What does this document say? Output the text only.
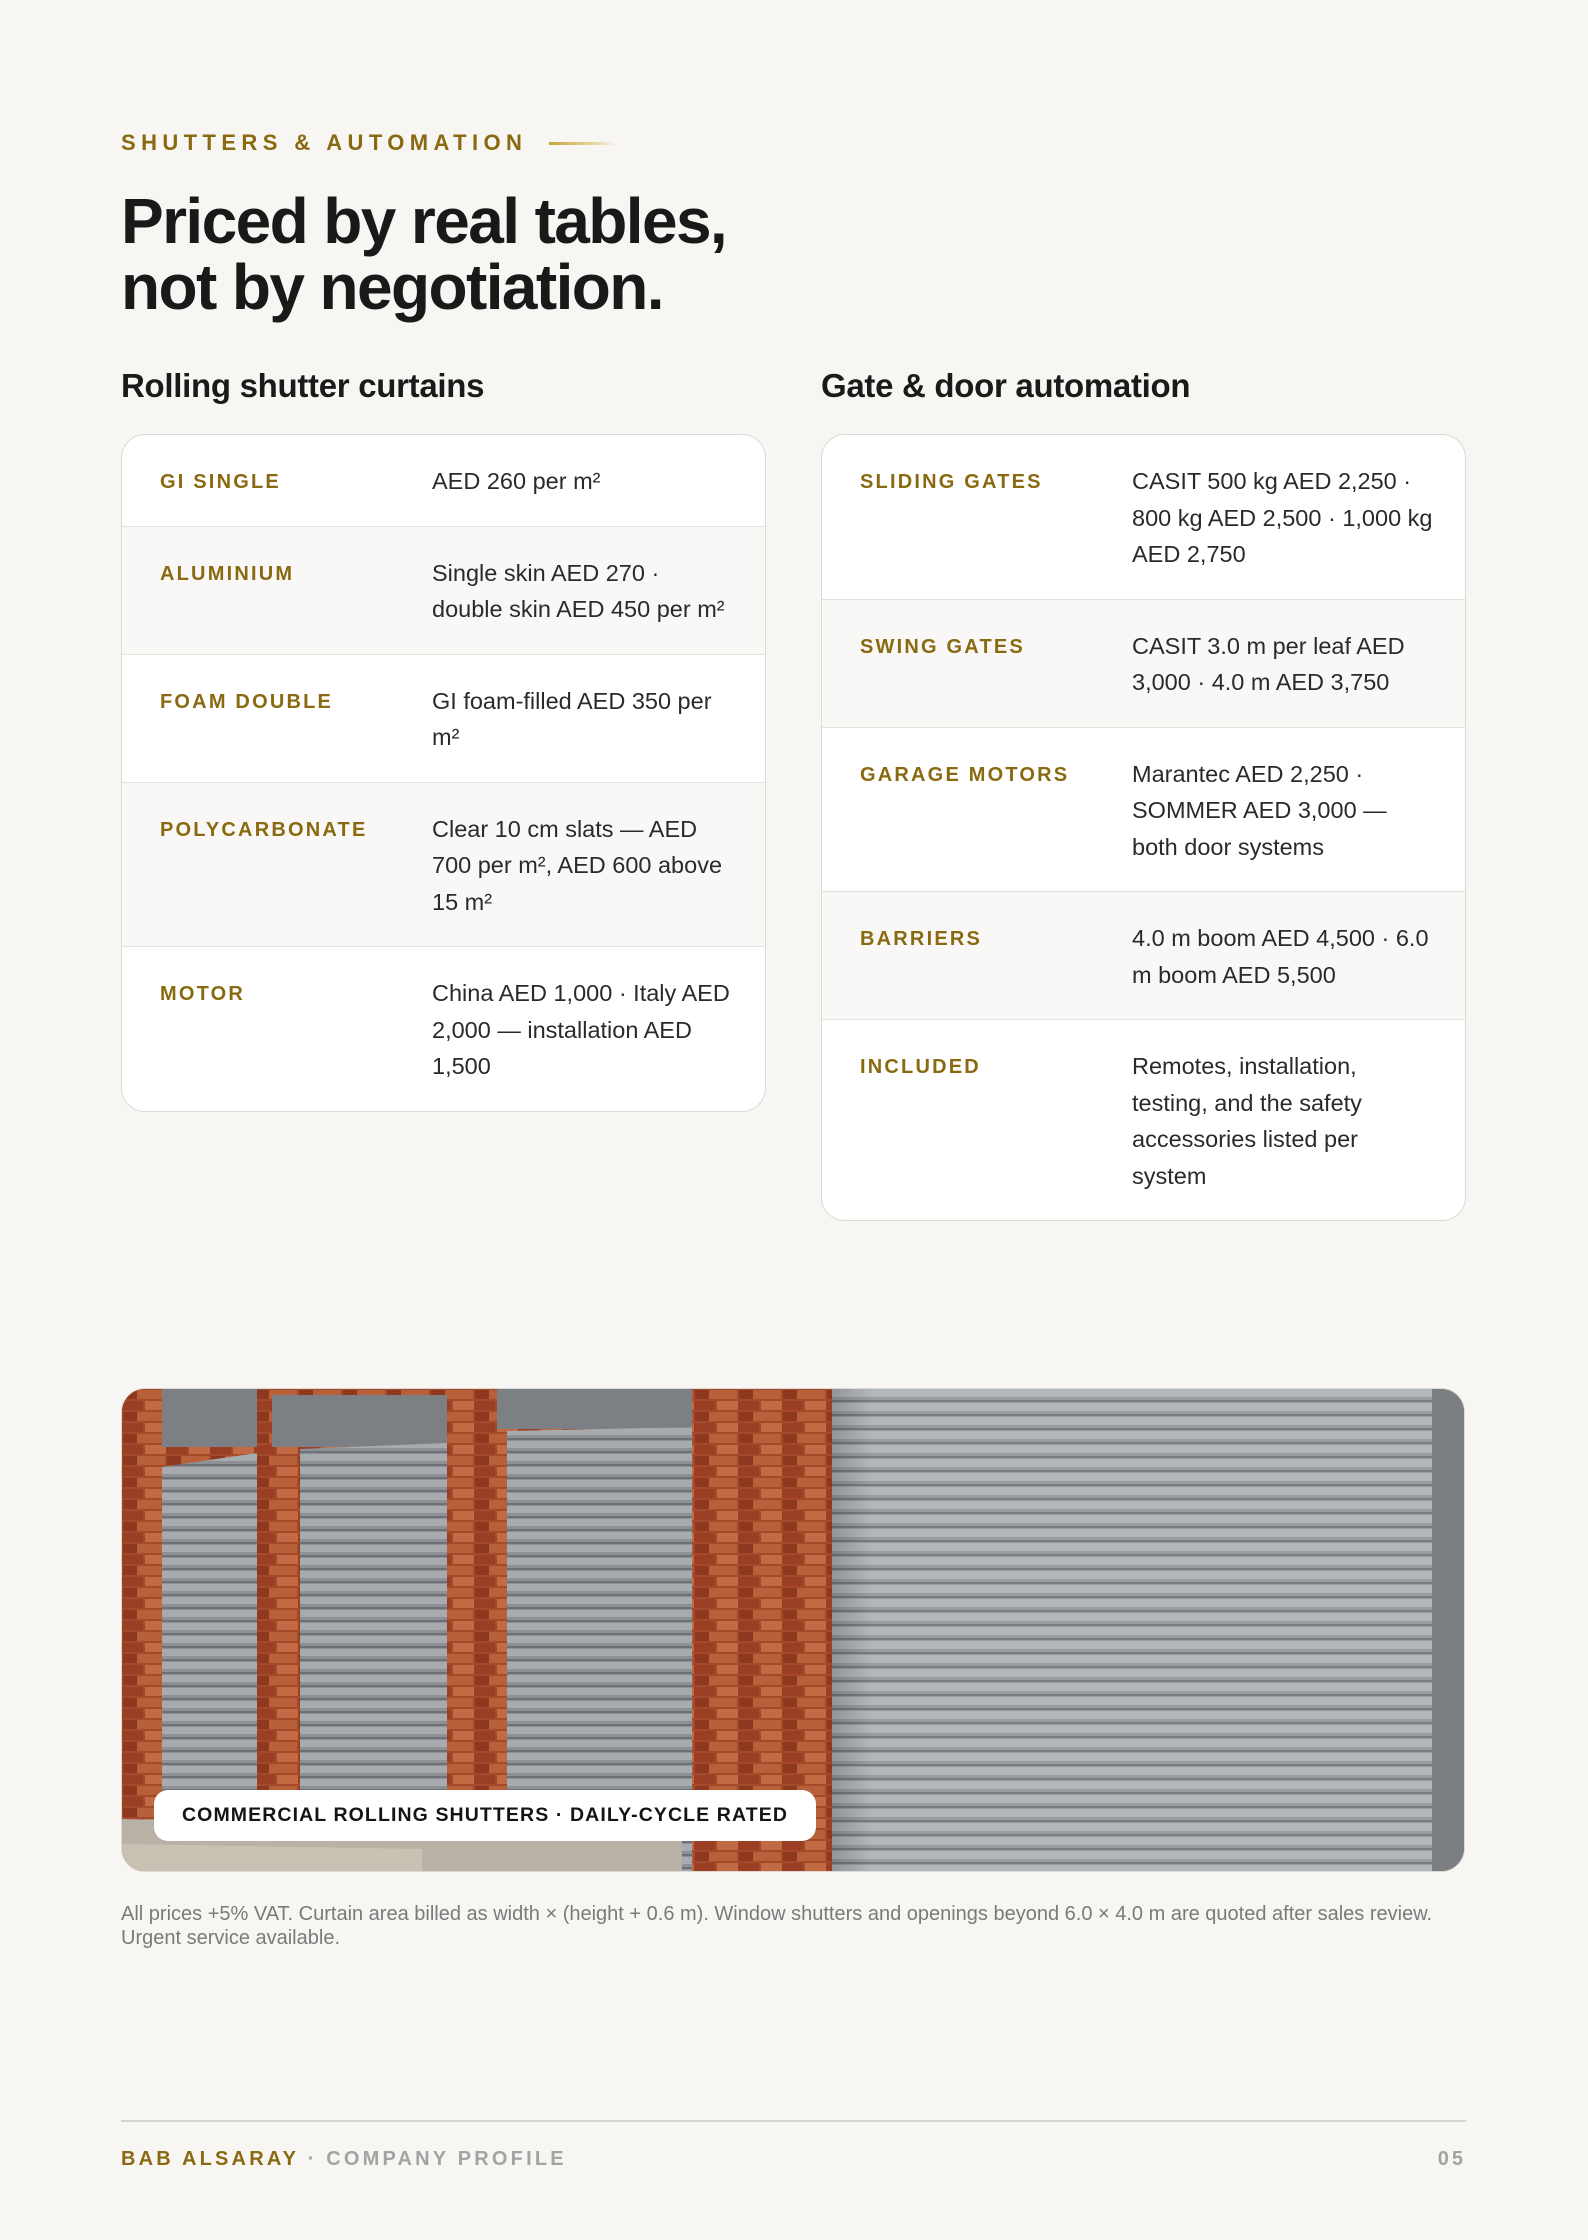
SHUTTERS & AUTOMATION
Priced by real tables,
not by negotiation.
Rolling shutter curtains
GI SINGLE	AED 260 per m²
ALUMINIUM	Single skin AED 270 · double skin AED 450 per m²
FOAM DOUBLE	GI foam-filled AED 350 per m²
POLYCARBONATE	Clear 10 cm slats — AED 700 per m², AED 600 above 15 m²
MOTOR	China AED 1,000 · Italy AED 2,000 — installation AED 1,500
Gate & door automation
SLIDING GATES	CASIT 500 kg AED 2,250 · 800 kg AED 2,500 · 1,000 kg AED 2,750
SWING GATES	CASIT 3.0 m per leaf AED 3,000 · 4.0 m AED 3,750
GARAGE MOTORS	Marantec AED 2,250 · SOMMER AED 3,000 — both door systems
BARRIERS	4.0 m boom AED 4,500 · 6.0 m boom AED 5,500
INCLUDED	Remotes, installation, testing, and the safety accessories listed per system
COMMERCIAL ROLLING SHUTTERS · DAILY-CYCLE RATED

All prices +5% VAT. Curtain area billed as width × (height + 0.6 m). Window shutters and openings beyond 6.0 × 4.0 m are quoted after sales review. Urgent service available.

BAB ALSARAY · COMPANY PROFILE	05
